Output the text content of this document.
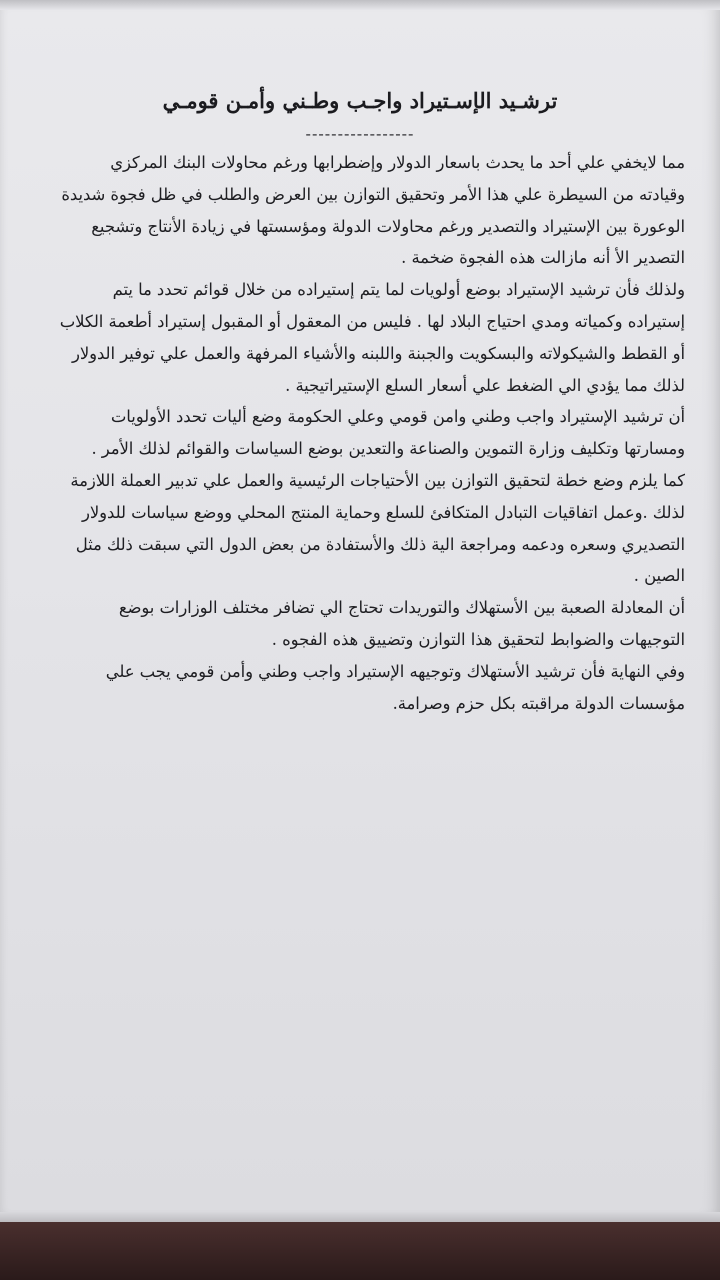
ترشـيد الإسـتيراد واجـب وطـني وأمـن قومـي
-----------------
مما لايخفي علي أحد ما يحدث باسعار الدولار وإضطرابها ورغم محاولات البنك المركزي
وقيادته من السيطرة علي هذا الأمر وتحقيق التوازن بين العرض والطلب في ظل فجوة شديدة
الوعورة بين الإستيراد والتصدير ورغم محاولات الدولة ومؤسستها في زيادة الأنتاج وتشجيع
التصدير الأ أنه مازالت هذه الفجوة ضخمة .
ولذلك فأن ترشيد الإستيراد بوضع أولويات لما يتم إستيراده من خلال قوائم تحدد ما يتم
إستيراده وكمياته ومدي احتياج البلاد لها . فليس من المعقول أو المقبول إستيراد أطعمة الكلاب
أو القطط والشيكولاته والبسكويت والجبنة واللبنه والأشياء المرفهة والعمل علي توفير الدولار
لذلك مما يؤدي الي الضغط علي أسعار السلع الإستيراتيجية .
أن ترشيد الإستيراد واجب وطني وامن قومي وعلي الحكومة وضع أليات تحدد الأولويات
ومسارتها وتكليف وزارة التموين والصناعة والتعدين بوضع السياسات والقوائم لذلك الأمر .
كما يلزم وضع خطة لتحقيق التوازن بين الأحتياجات الرئيسية والعمل علي تدبير العملة اللازمة
لذلك .وعمل اتفاقيات التبادل المتكافئ للسلع وحماية المنتج المحلي ووضع سياسات للدولار
التصديري وسعره ودعمه ومراجعة الية ذلك والأستفادة من بعض الدول التي سبقت ذلك مثل
الصين .
أن المعادلة الصعبة بين الأستهلاك والتوريدات تحتاج الي تضافر مختلف الوزارات بوضع
التوجيهات والضوابط لتحقيق هذا التوازن وتضييق هذه الفجوه .
وفي النهاية فأن ترشيد الأستهلاك وتوجيهه الإستيراد واجب وطني وأمن قومي يجب علي
مؤسسات الدولة مراقبته بكل حزم وصرامة.
